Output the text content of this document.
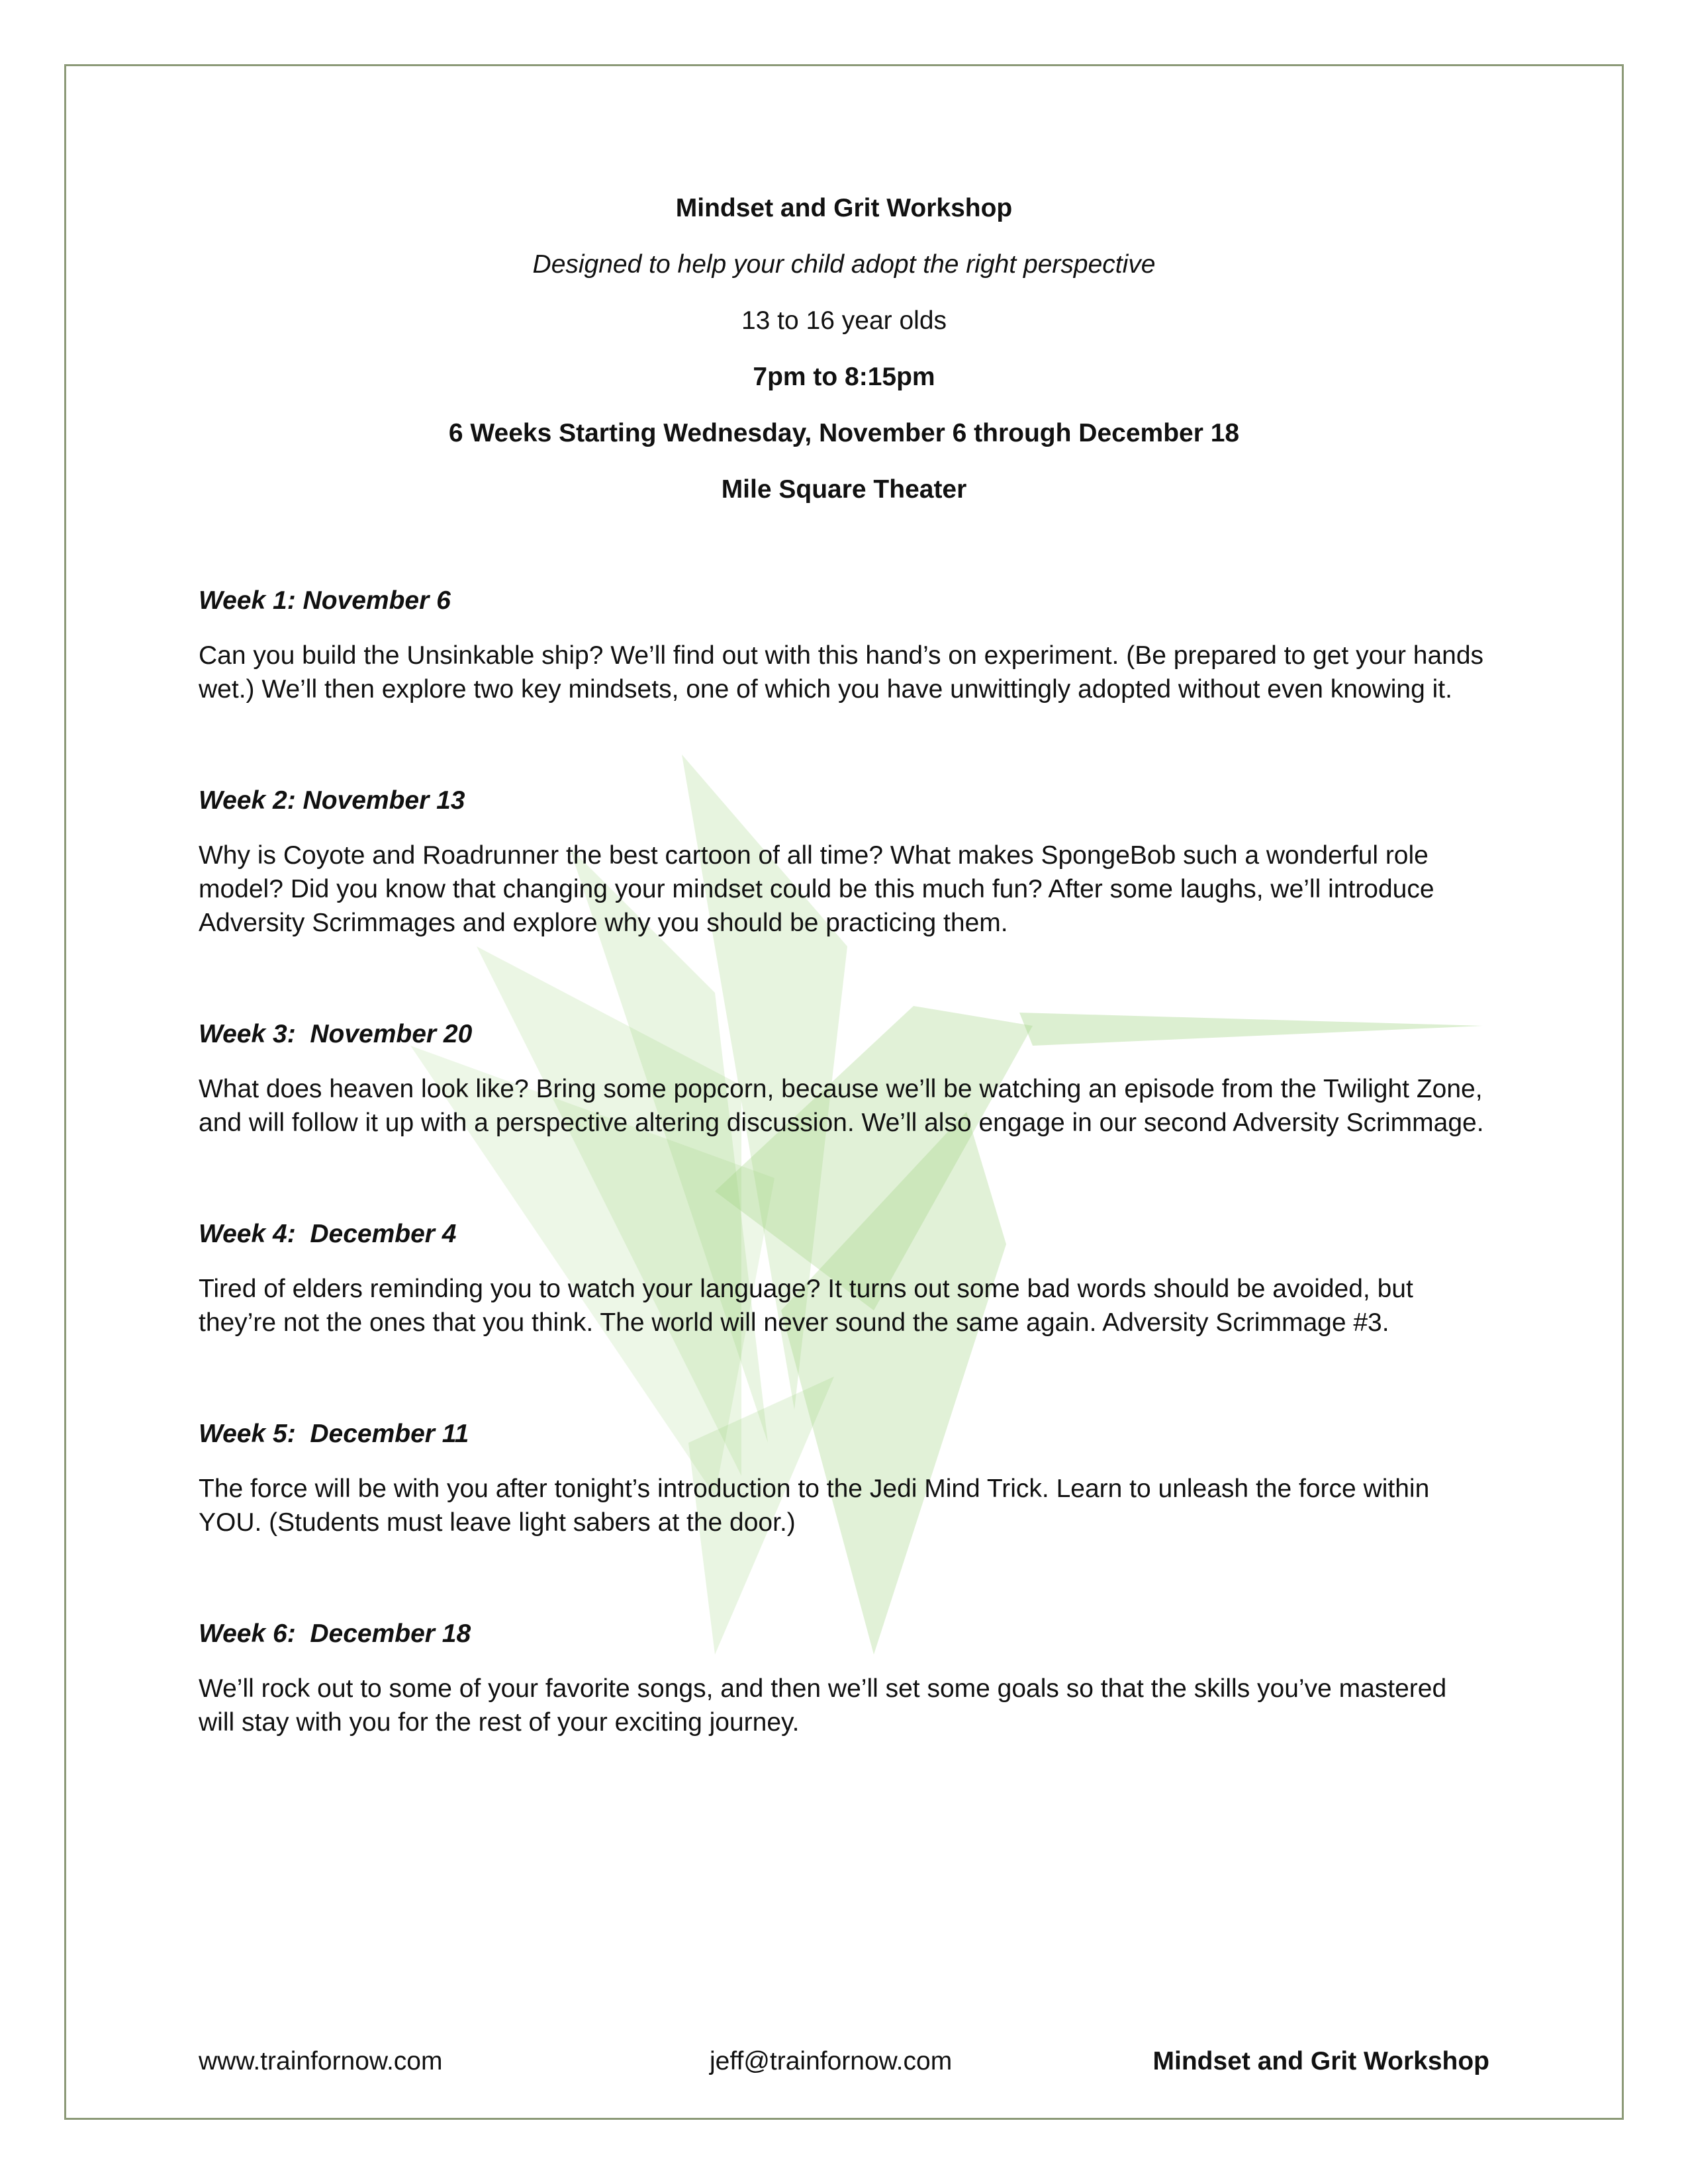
Mindset and Grit Workshop

Designed to help your child adopt the right perspective

13 to 16 year olds

7pm to 8:15pm

6 Weeks Starting Wednesday, November 6 through December 18

Mile Square Theater

Week 1: November 6

Can you build the Unsinkable ship? We’ll find out with this hand’s on experiment. (Be prepared to get your hands wet.) We’ll then explore two key mindsets, one of which you have unwittingly adopted without even knowing it.

Week 2: November 13

Why is Coyote and Roadrunner the best cartoon of all time? What makes SpongeBob such a wonderful role model? Did you know that changing your mindset could be this much fun? After some laughs, we’ll introduce Adversity Scrimmages and explore why you should be practicing them.

Week 3:  November 20

What does heaven look like? Bring some popcorn, because we’ll be watching an episode from the Twilight Zone, and will follow it up with a perspective altering discussion. We’ll also engage in our second Adversity Scrimmage.

Week 4:  December 4

Tired of elders reminding you to watch your language? It turns out some bad words should be avoided, but they’re not the ones that you think. The world will never sound the same again. Adversity Scrimmage #3.

Week 5:  December 11

The force will be with you after tonight’s introduction to the Jedi Mind Trick. Learn to unleash the force within YOU. (Students must leave light sabers at the door.)

Week 6:  December 18

We’ll rock out to some of your favorite songs, and then we’ll set some goals so that the skills you’ve mastered will stay with you for the rest of your exciting journey.

www.trainfornow.com	jeff@trainfornow.com	Mindset and Grit Workshop
